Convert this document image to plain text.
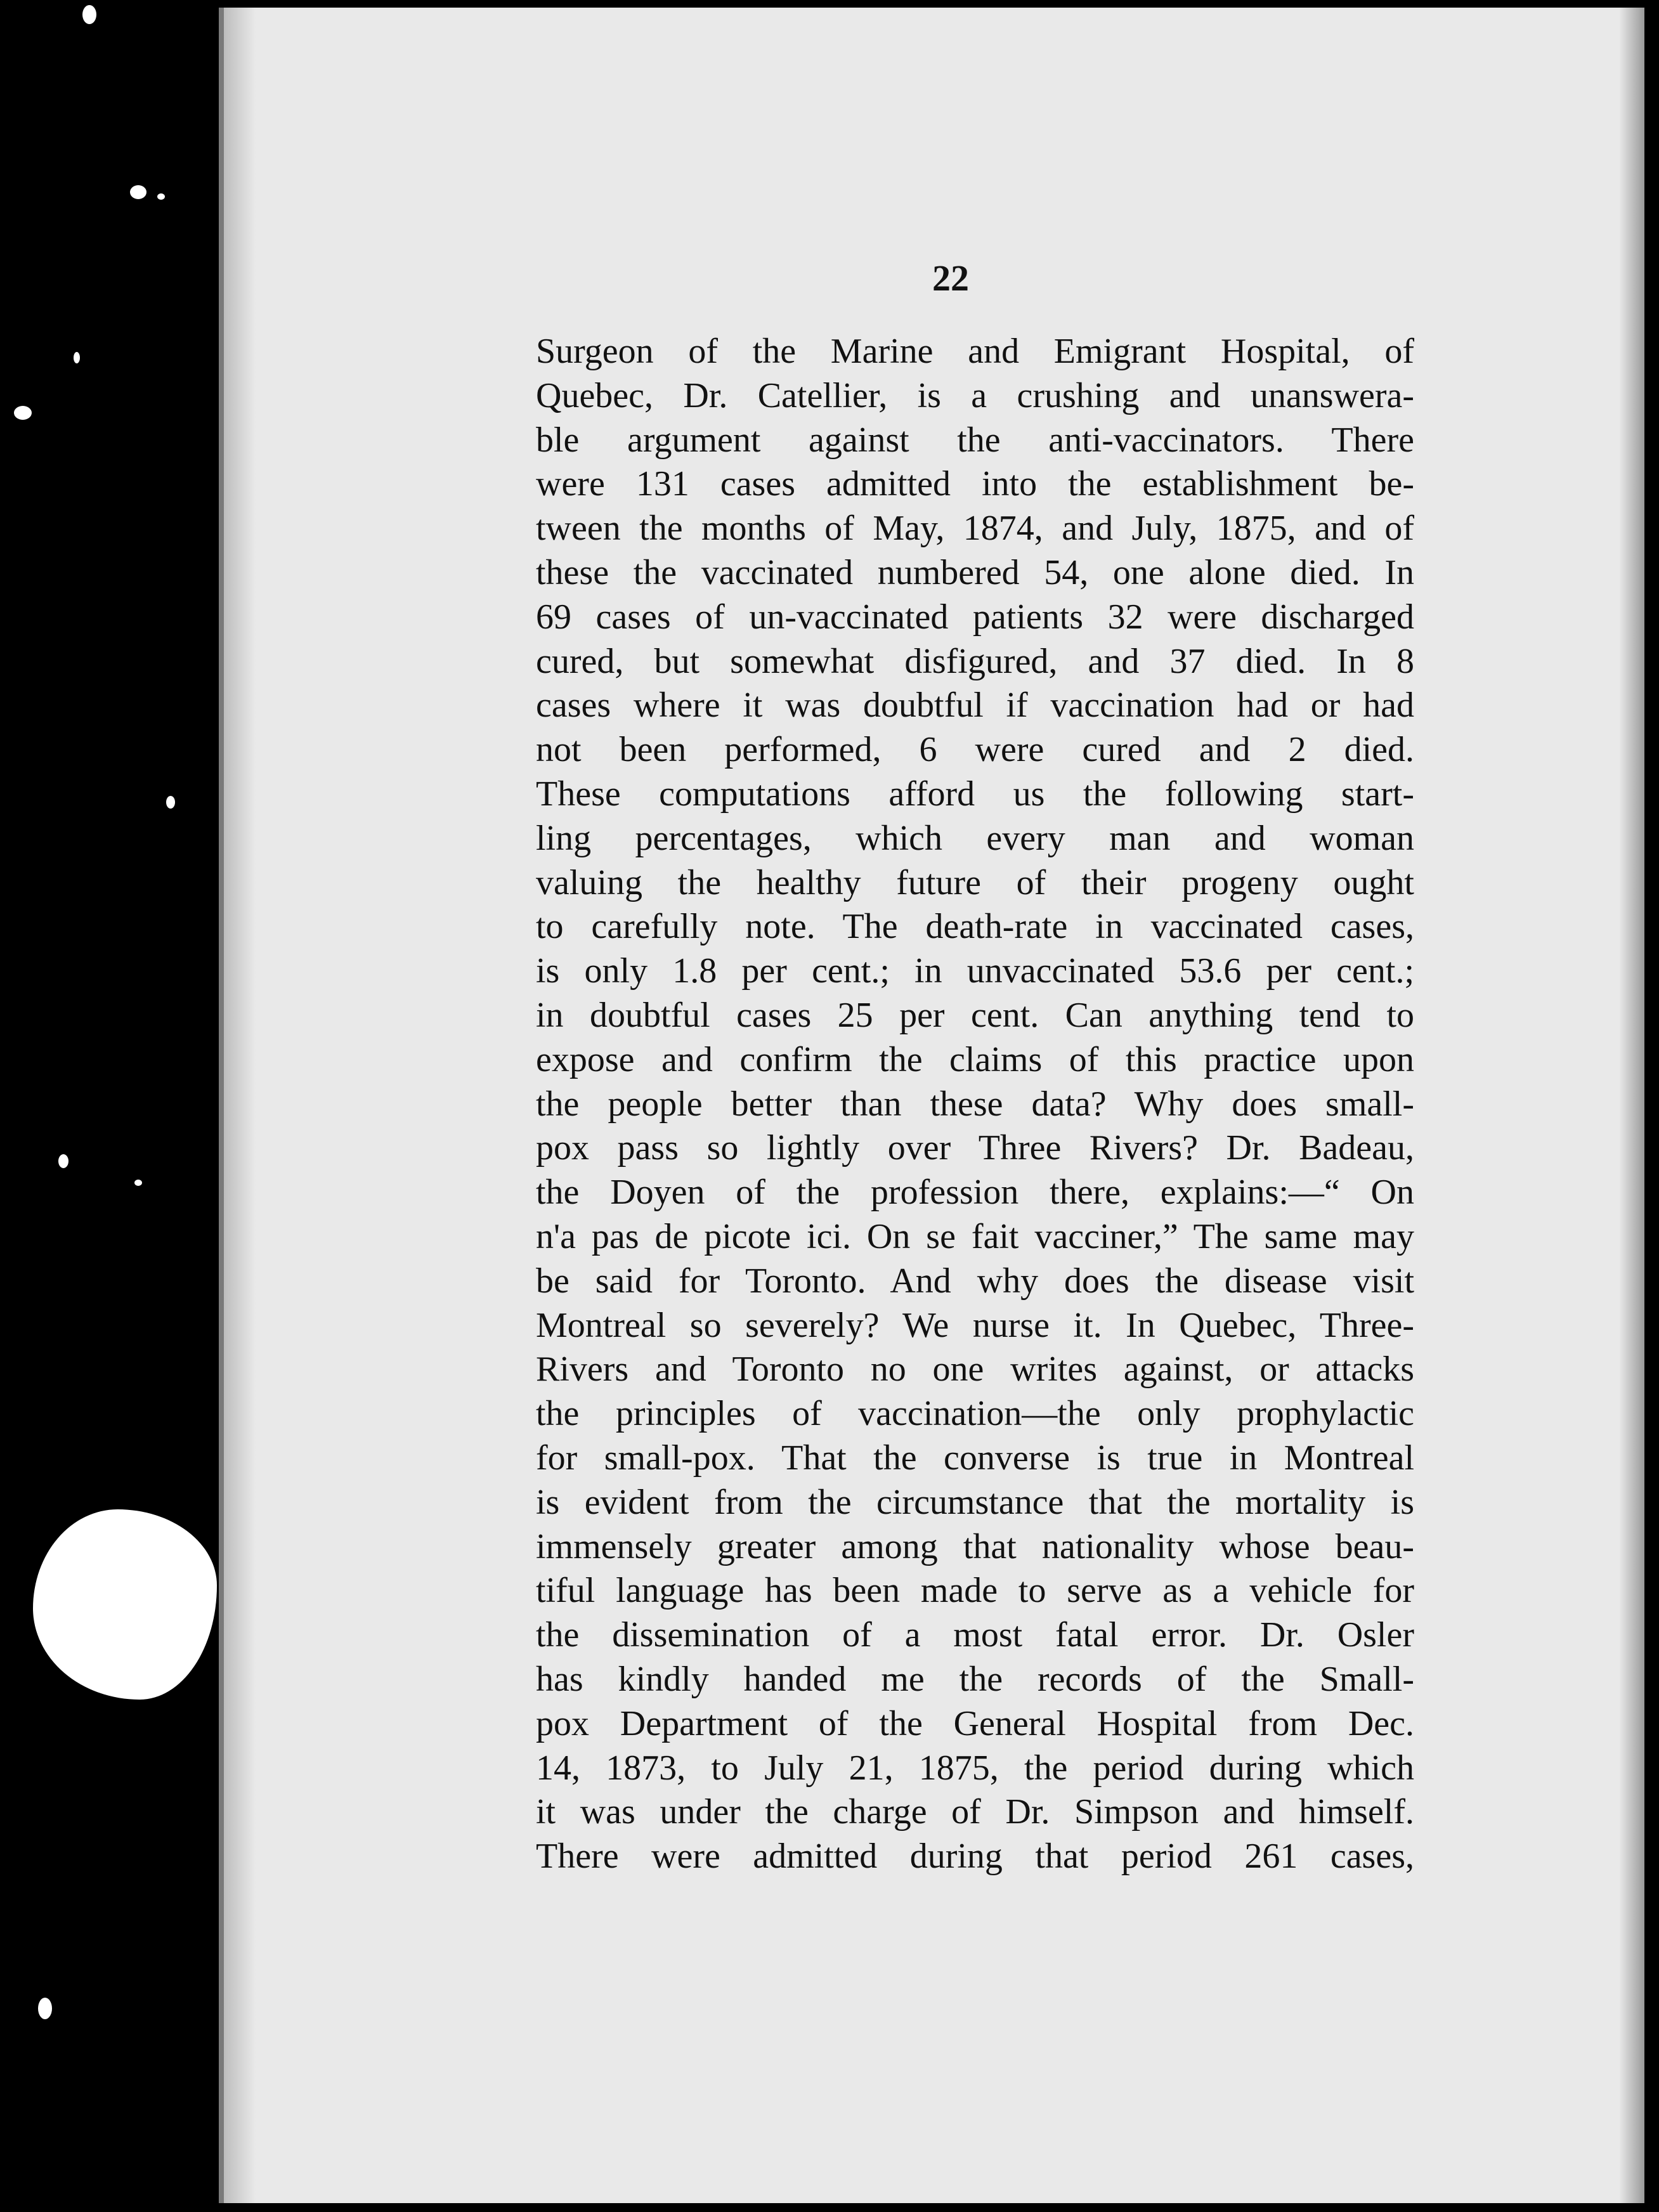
22
Surgeon of the Marine and Emigrant Hospital, of
Quebec, Dr. Catellier, is a crushing and unanswera-
ble argument against the anti-vaccinators. There
were 131 cases admitted into the establishment be-
tween the months of May, 1874, and July, 1875, and of
these the vaccinated numbered 54, one alone died. In
69 cases of un-vaccinated patients 32 were discharged
cured, but somewhat disfigured, and 37 died. In 8
cases where it was doubtful if vaccination had or had
not been performed, 6 were cured and 2 died.
These computations afford us the following start-
ling percentages, which every man and woman
valuing the healthy future of their progeny ought
to carefully note. The death-rate in vaccinated cases,
is only 1.8 per cent.; in unvaccinated 53.6 per cent.;
in doubtful cases 25 per cent. Can anything tend to
expose and confirm the claims of this practice upon
the people better than these data? Why does small-
pox pass so lightly over Three Rivers? Dr. Badeau,
the Doyen of the profession there, explains:—“ On
n'a pas de picote ici. On se fait vacciner,” The same may
be said for Toronto. And why does the disease visit
Montreal so severely? We nurse it. In Quebec, Three-
Rivers and Toronto no one writes against, or attacks
the principles of vaccination—the only prophylactic
for small-pox. That the converse is true in Montreal
is evident from the circumstance that the mortality is
immensely greater among that nationality whose beau-
tiful language has been made to serve as a vehicle for
the dissemination of a most fatal error. Dr. Osler
has kindly handed me the records of the Small-
pox Department of the General Hospital from Dec.
14, 1873, to July 21, 1875, the period during which
it was under the charge of Dr. Simpson and himself.
There were admitted during that period 261 cases,
